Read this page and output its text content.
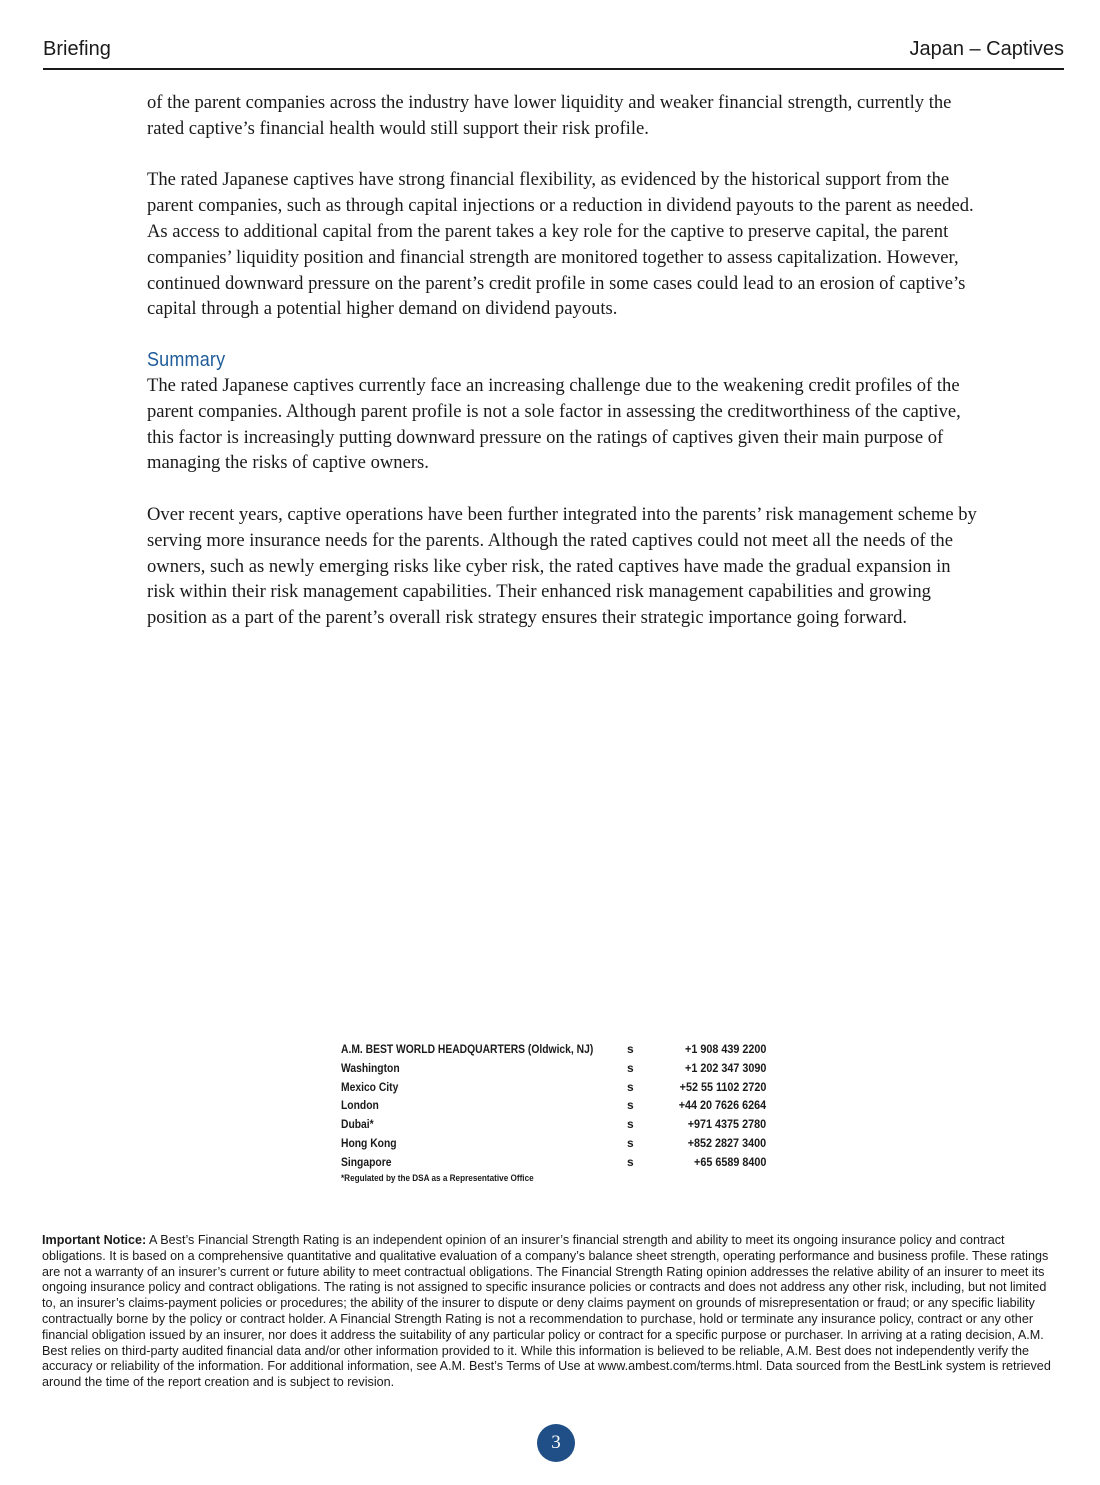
Briefing	Japan – Captives

of the parent companies across the industry have lower liquidity and weaker financial strength, currently the rated captive’s financial health would still support their risk profile.

The rated Japanese captives have strong financial flexibility, as evidenced by the historical support from the parent companies, such as through capital injections or a reduction in dividend payouts to the parent as needed. As access to additional capital from the parent takes a key role for the captive to preserve capital, the parent companies’ liquidity position and financial strength are monitored together to assess capitalization. However, continued downward pressure on the parent’s credit profile in some cases could lead to an erosion of captive’s capital through a potential higher demand on dividend payouts.

Summary

The rated Japanese captives currently face an increasing challenge due to the weakening credit profiles of the parent companies. Although parent profile is not a sole factor in assessing the creditworthiness of the captive, this factor is increasingly putting downward pressure on the ratings of captives given their main purpose of managing the risks of captive owners.

Over recent years, captive operations have been further integrated into the parents’ risk management scheme by serving more insurance needs for the parents. Although the rated captives could not meet all the needs of the owners, such as newly emerging risks like cyber risk, the rated captives have made the gradual expansion in risk within their risk management capabilities. Their enhanced risk management capabilities and growing position as a part of the parent’s overall risk strategy ensures their strategic importance going forward.

A.M. BEST WORLD HEADQUARTERS (Oldwick, NJ)	s	+1 908 439 2200
Washington	s	+1 202 347 3090
Mexico City	s	+52 55 1102 2720
London	s	+44 20 7626 6264
Dubai*	s	+971 4375 2780
Hong Kong	s	+852 2827 3400
Singapore	s	+65 6589 8400
*Regulated by the DSA as a Representative Office
Important Notice: A Best’s Financial Strength Rating is an independent opinion of an insurer’s financial strength and ability to meet its ongoing insurance policy and contract obligations. It is based on a comprehensive quantitative and qualitative evaluation of a company’s balance sheet strength, operating performance and business profile. These ratings are not a warranty of an insurer’s current or future ability to meet contractual obligations. The Financial Strength Rating opinion addresses the relative ability of an insurer to meet its ongoing insurance policy and contract obligations. The rating is not assigned to specific insurance policies or contracts and does not address any other risk, including, but not limited to, an insurer’s claims-payment policies or procedures; the ability of the insurer to dispute or deny claims payment on grounds of misrepresentation or fraud; or any specific liability contractually borne by the policy or contract holder. A Financial Strength Rating is not a recommendation to purchase, hold or terminate any insurance policy, contract or any other financial obligation issued by an insurer, nor does it address the suitability of any particular policy or contract for a specific purpose or purchaser. In arriving at a rating decision, A.M. Best relies on third-party audited financial data and/or other information provided to it. While this information is believed to be reliable, A.M. Best does not independently verify the accuracy or reliability of the information. For additional information, see A.M. Best’s Terms of Use at www.ambest.com/terms.html. Data sourced from the BestLink system is retrieved around the time of the report creation and is subject to revision.
3
